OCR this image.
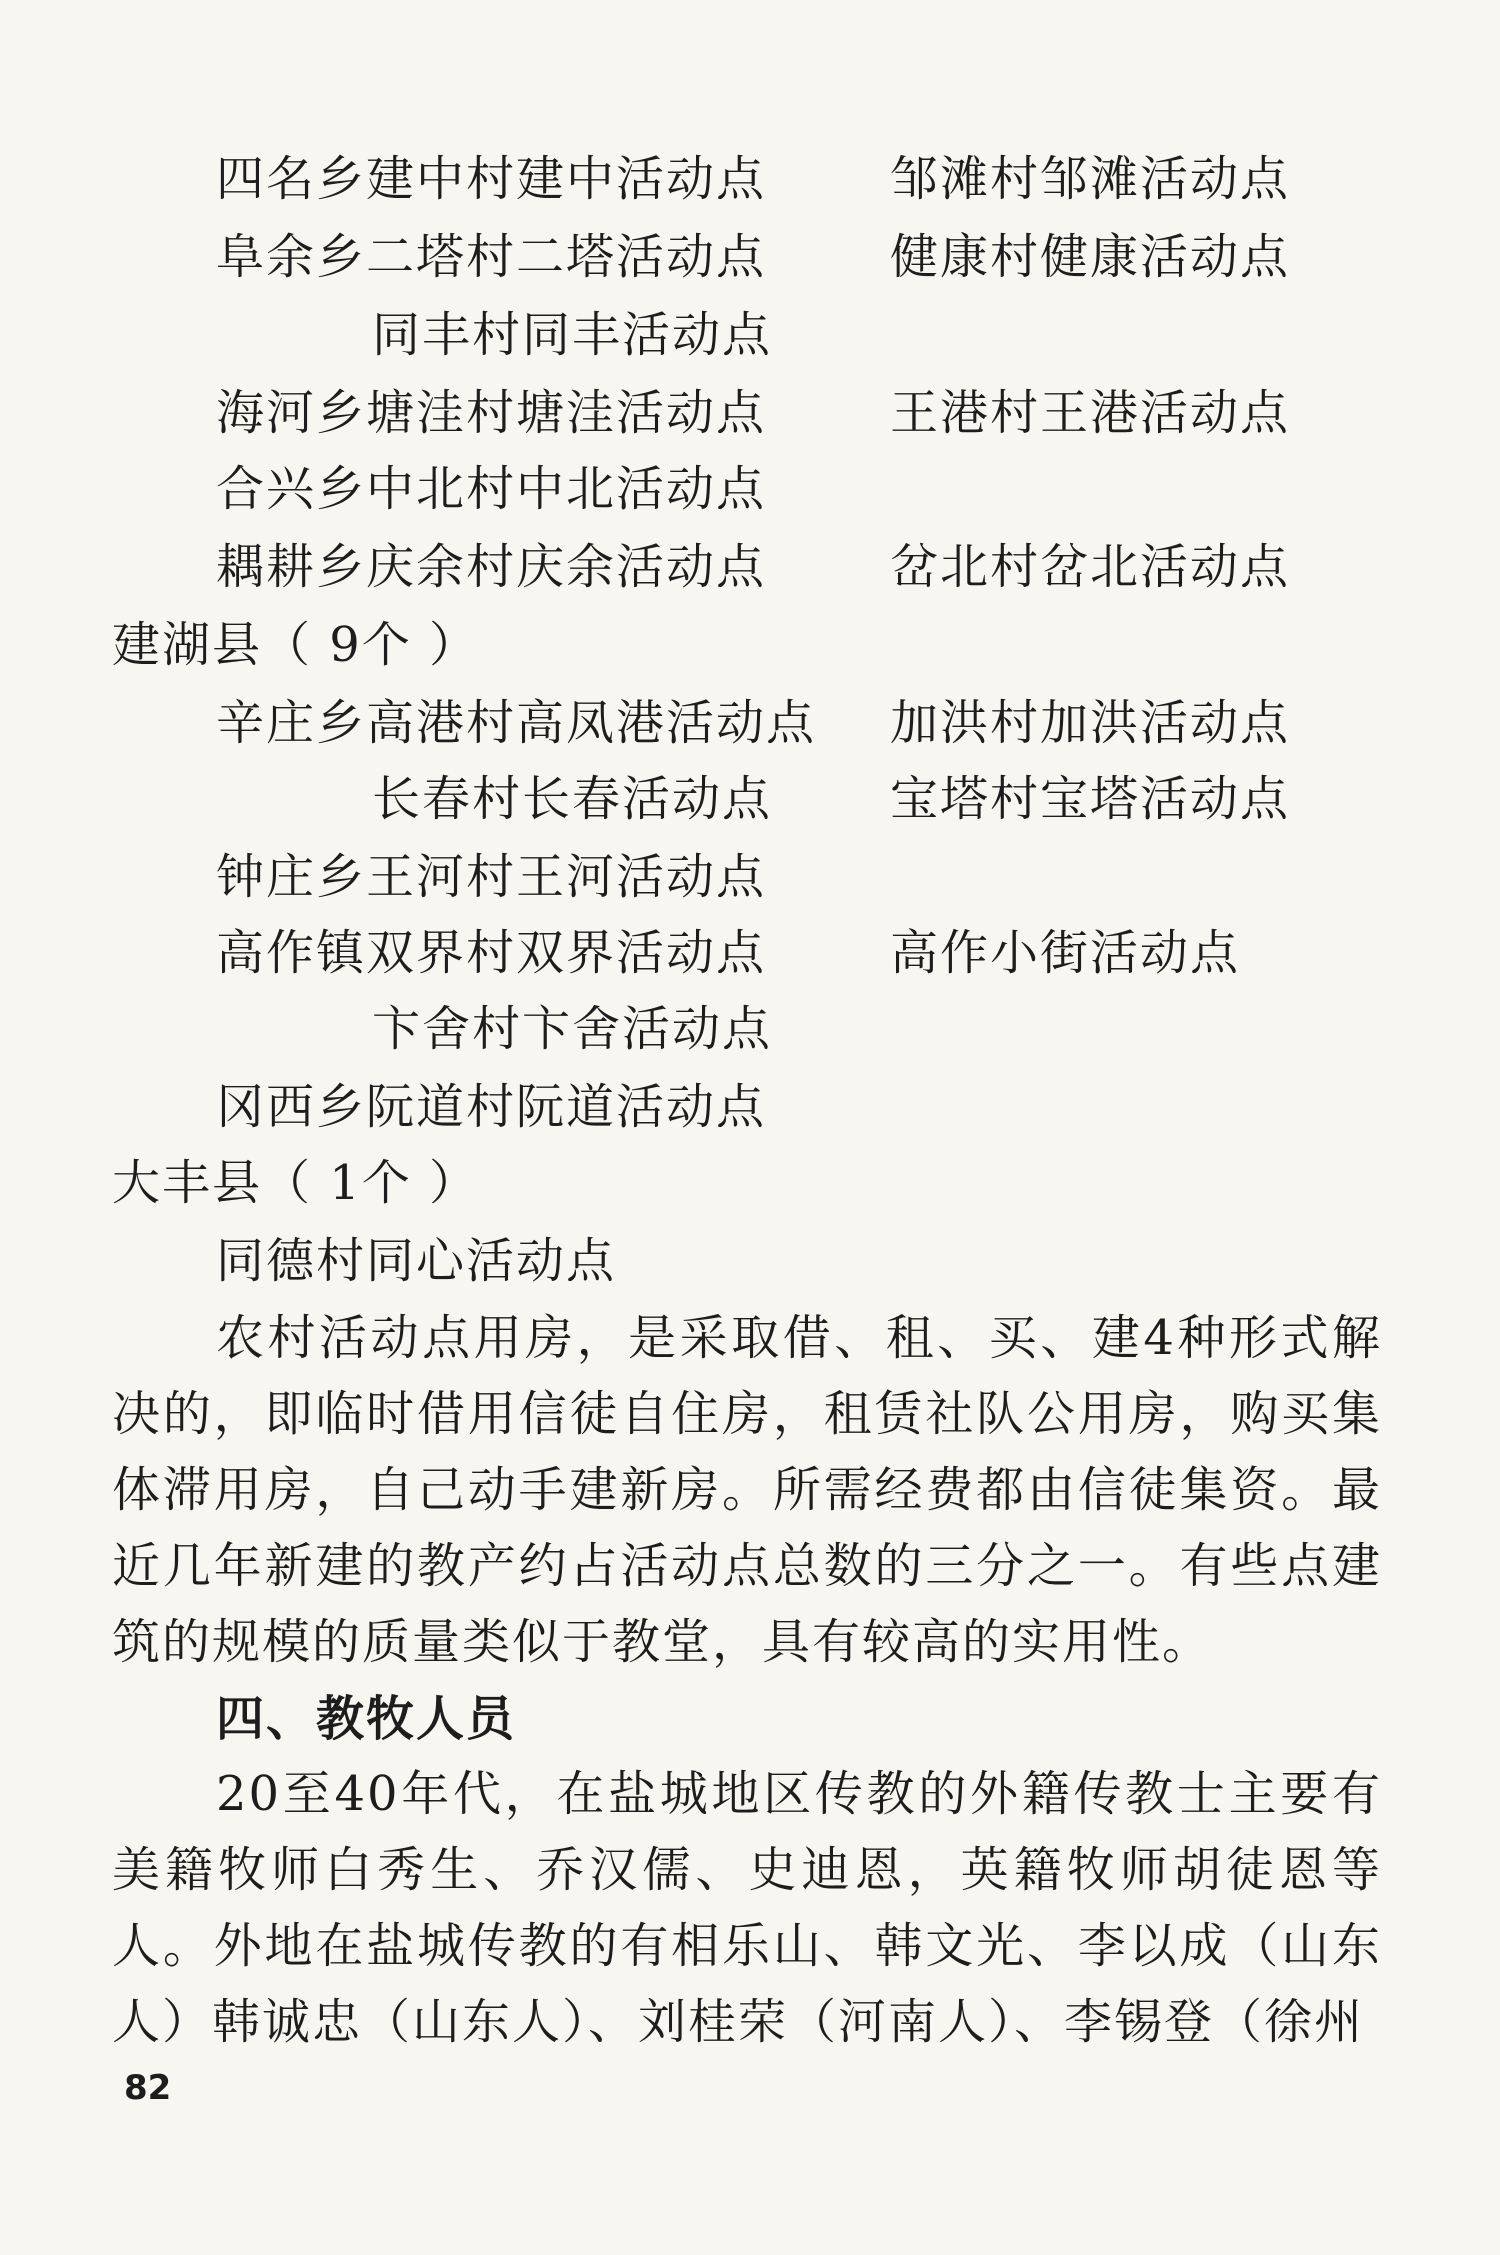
四名乡建中村建中活动点	邹滩村邹滩活动点
阜余乡二塔村二塔活动点	健康村健康活动点
同丰村同丰活动点
海河乡塘洼村塘洼活动点	王港村王港活动点
合兴乡中北村中北活动点
耦耕乡庆余村庆余活动点	岔北村岔北活动点
建湖县（ 9个 ）
辛庄乡高港村高凤港活动点 加洪村加洪活动点
长春村长春活动点 宝塔村宝塔活动点
钟庄乡王河村王河活动点
高作镇双界村双界活动点	高作小街活动点
卞舍村卞舍活动点
冈西乡阮道村阮道活动点
大丰县（ 1个 ）
同德村同心活动点
农村活动点用房，是采取借、租、买、建4种形式解决的，即临时借用信徒自住房，租赁社队公用房，购买集体滞用房，自己动手建新房。所需经费都由信徒集资。最近几年新建的教产约占活动点总数的三分之一。有些点建筑的规模的质量类似于教堂，具有较高的实用性。
四、教牧人员
20至40年代，在盐城地区传教的外籍传教士主要有美籍牧师白秀生、乔汉儒、史迪恩，英籍牧师胡徒恩等人。外地在盐城传教的有相乐山、韩文光、李以成（山东人）韩诚忠（山东人）、刘桂荣（河南人）、李锡登（徐州
82
